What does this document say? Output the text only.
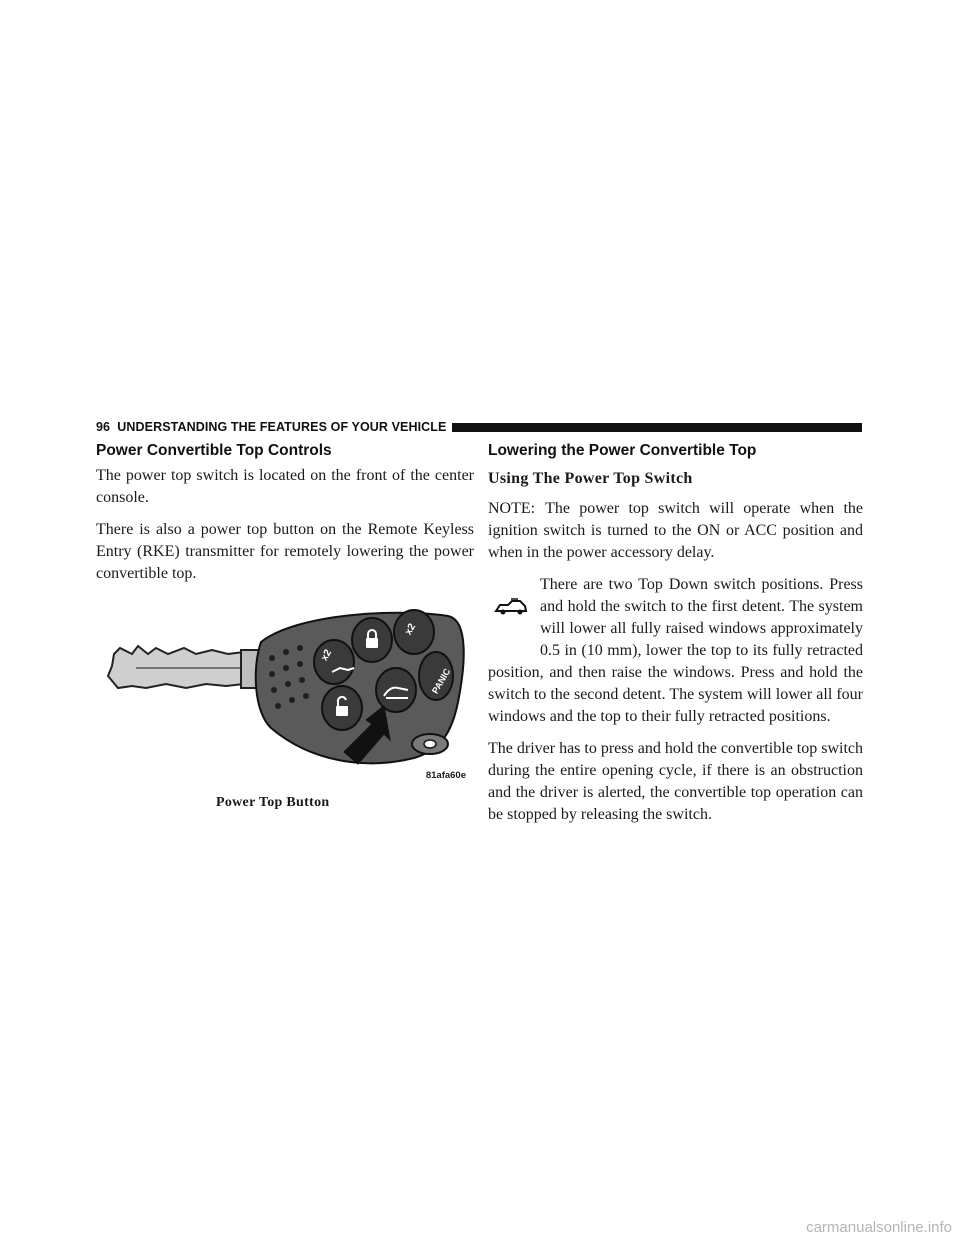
96 UNDERSTANDING THE FEATURES OF YOUR VEHICLE
Power Convertible Top Controls

The power top switch is located on the front of the center console.

There is also a power top button on the Remote Keyless Entry (RKE) transmitter for remotely lowering the power convertible top.

x2
x2
PANIC
81afa60e
Power Top Button
Lowering the Power Convertible Top
Using The Power Top Switch

NOTE: The power top switch will operate when the ignition switch is turned to the ON or ACC position and when in the power accessory delay.

There are two Top Down switch positions. Press and hold the switch to the first detent. The system will lower all fully raised windows approximately 0.5 in (10 mm), lower the top to its fully retracted position, and then raise the windows. Press and hold the switch to the second detent. The system will lower all four windows and the top to their fully retracted positions.

The driver has to press and hold the convertible top switch during the entire opening cycle, if there is an obstruction and the driver is alerted, the convertible top operation can be stopped by releasing the switch.

carmanualsonline.info
